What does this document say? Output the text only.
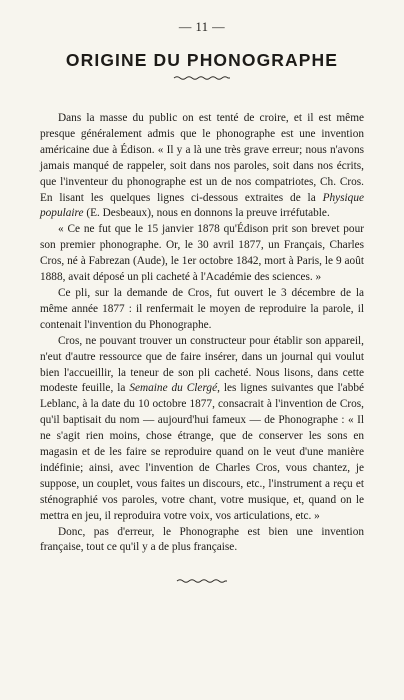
— 11 —
ORIGINE DU PHONOGRAPHE

Dans la masse du public on est tenté de croire, et il est même presque généralement admis que le phonographe est une invention américaine due à Édison. « Il y a là une très grave erreur; nous n'avons jamais manqué de rappeler, soit dans nos paroles, soit dans nos écrits, que l'inventeur du phonographe est un de nos compatriotes, Ch. Cros. En lisant les quelques lignes ci-dessous extraites de la Physique populaire (E. Desbeaux), nous en donnons la preuve irréfutable.

« Ce ne fut que le 15 janvier 1878 qu'Édison prit son brevet pour son premier phonographe. Or, le 30 avril 1877, un Français, Charles Cros, né à Fabrezan (Aude), le 1er octobre 1842, mort à Paris, le 9 août 1888, avait déposé un pli cacheté à l'Académie des sciences. »

Ce pli, sur la demande de Cros, fut ouvert le 3 décembre de la même année 1877 : il renfermait le moyen de reproduire la parole, il contenait l'invention du Phonographe.

Cros, ne pouvant trouver un constructeur pour établir son appareil, n'eut d'autre ressource que de faire insérer, dans un journal qui voulut bien l'accueillir, la teneur de son pli cacheté. Nous lisons, dans cette modeste feuille, la Semaine du Clergé, les lignes suivantes que l'abbé Leblanc, à la date du 10 octobre 1877, consacrait à l'invention de Cros, qu'il baptisait du nom — aujourd'hui fameux — de Phonographe : « Il ne s'agit rien moins, chose étrange, que de conserver les sons en magasin et de les faire se reproduire quand on le veut d'une manière indéfinie; ainsi, avec l'invention de Charles Cros, vous chantez, je suppose, un couplet, vous faites un discours, etc., l'instrument a reçu et sténographié vos paroles, votre chant, votre musique, et, quand on le mettra en jeu, il reproduira votre voix, vos articulations, etc. »

Donc, pas d'erreur, le Phonographe est bien une invention française, tout ce qu'il y a de plus française.
